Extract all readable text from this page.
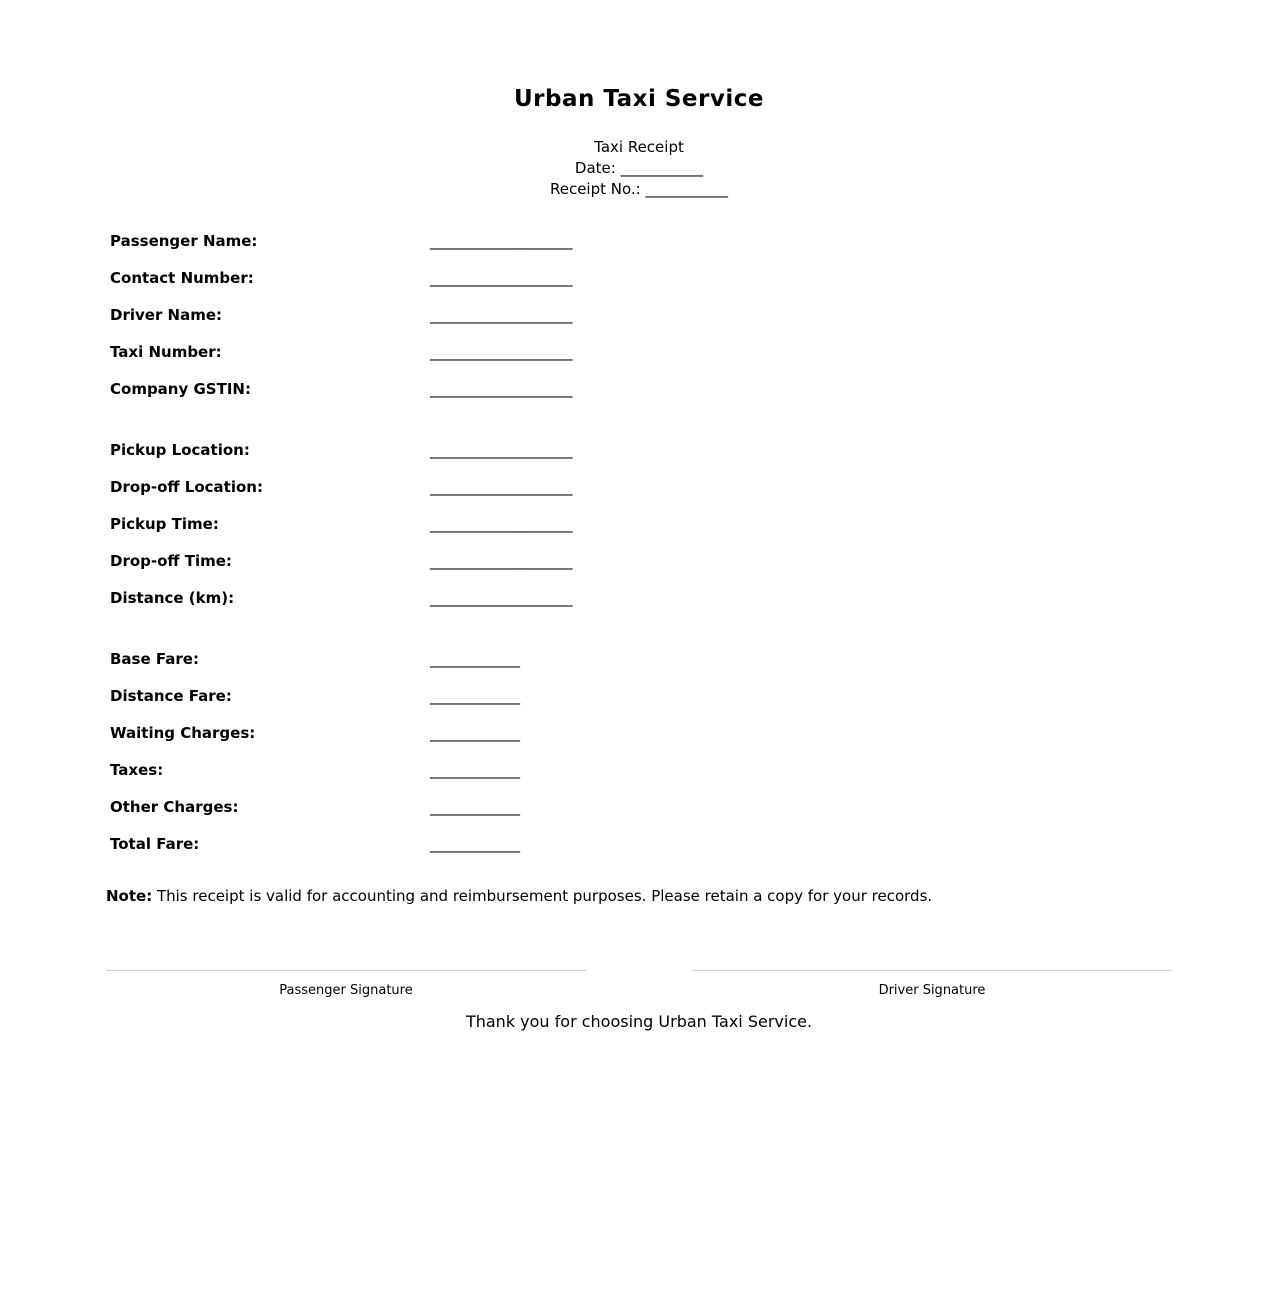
Urban Taxi Service
Taxi Receipt
Date: ___________
Receipt No.: ___________
Passenger Name:	___________________
Contact Number:	___________________
Driver Name:	___________________
Taxi Number:	___________________
Company GSTIN:	___________________
Pickup Location:	___________________
Drop-off Location:	___________________
Pickup Time:	___________________
Drop-off Time:	___________________
Distance (km):	___________________
Base Fare:	____________
Distance Fare:	____________
Waiting Charges:	____________
Taxes:	____________
Other Charges:	____________
Total Fare:	____________
Note: This receipt is valid for accounting and reimbursement purposes. Please retain a copy for your records.
Passenger Signature	Driver Signature
Thank you for choosing Urban Taxi Service.
